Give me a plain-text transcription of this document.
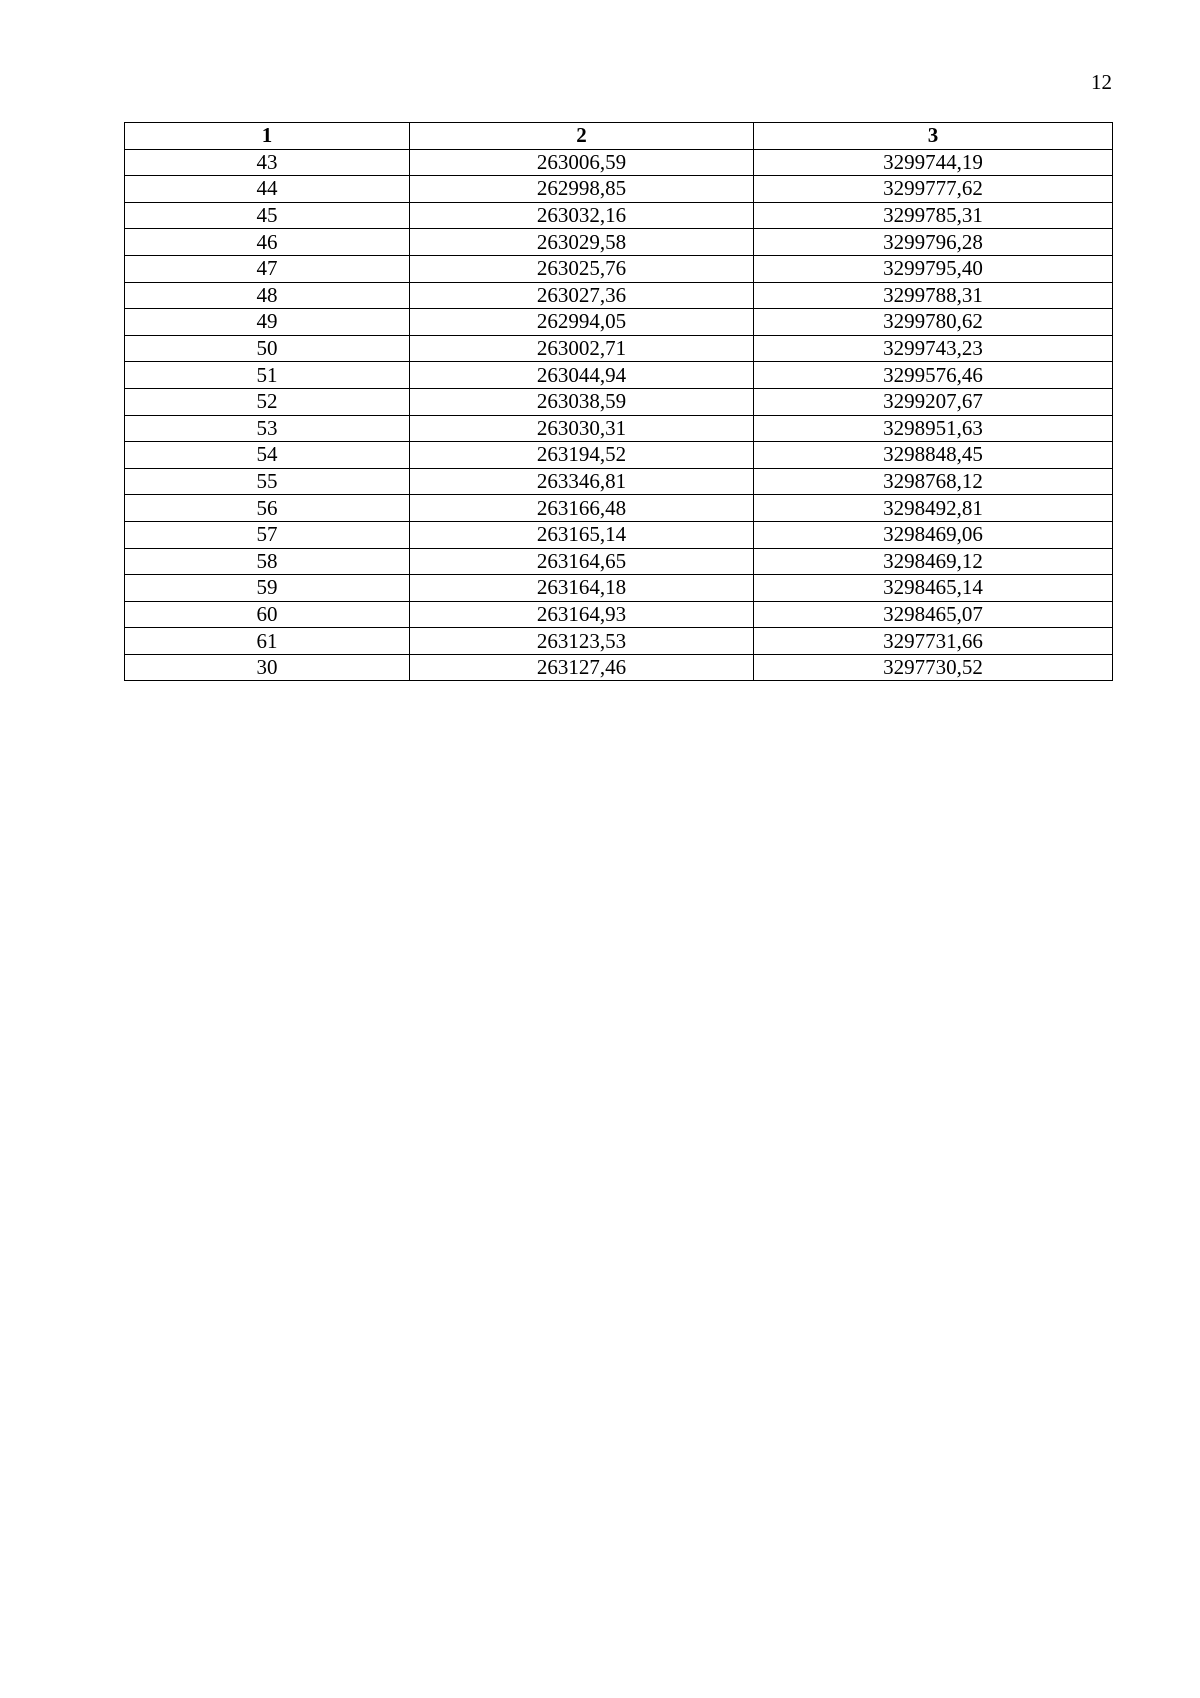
12
1	2	3
43	263006,59	3299744,19
44	262998,85	3299777,62
45	263032,16	3299785,31
46	263029,58	3299796,28
47	263025,76	3299795,40
48	263027,36	3299788,31
49	262994,05	3299780,62
50	263002,71	3299743,23
51	263044,94	3299576,46
52	263038,59	3299207,67
53	263030,31	3298951,63
54	263194,52	3298848,45
55	263346,81	3298768,12
56	263166,48	3298492,81
57	263165,14	3298469,06
58	263164,65	3298469,12
59	263164,18	3298465,14
60	263164,93	3298465,07
61	263123,53	3297731,66
30	263127,46	3297730,52
